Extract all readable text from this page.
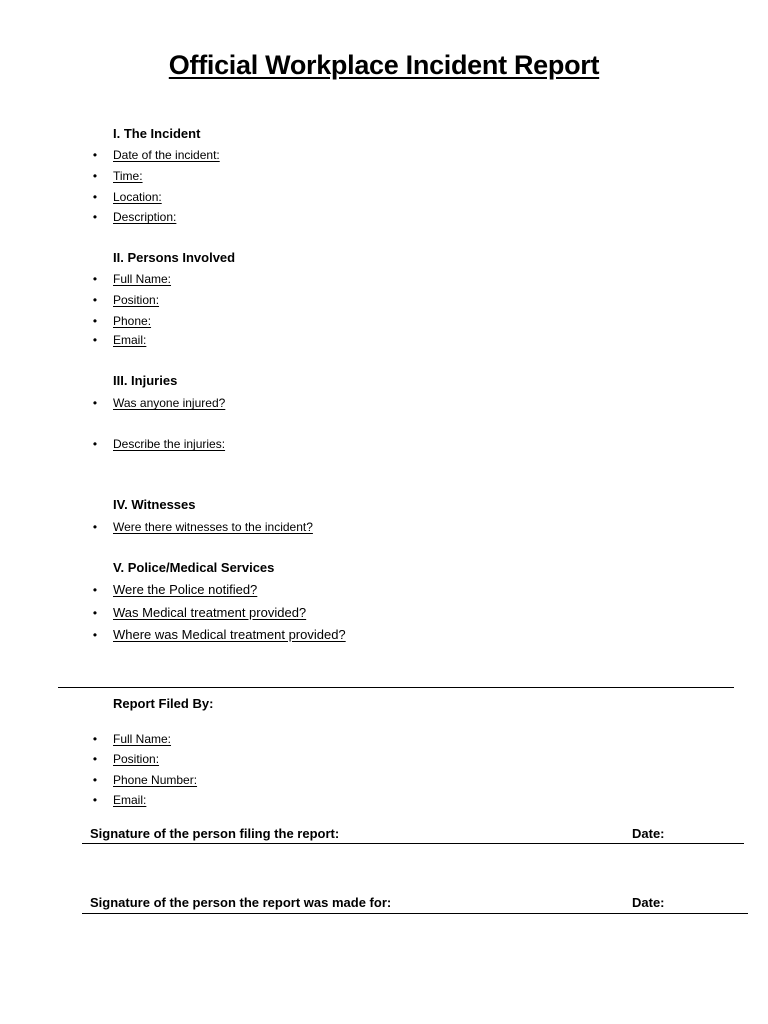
Official Workplace Incident Report
I. The Incident
• Date of the incident:
• Time:
• Location:
• Description:
II. Persons Involved
• Full Name:
• Position:
• Phone:
• Email:
III. Injuries
• Was anyone injured?
• Describe the injuries:
IV. Witnesses
• Were there witnesses to the incident?
V. Police/Medical Services
• Were the Police notified?
• Was Medical treatment provided?
• Where was Medical treatment provided?
Report Filed By:
• Full Name:
• Position:
• Phone Number:
• Email:
Signature of the person filing the report:	Date:
Signature of the person the report was made for:	Date:
